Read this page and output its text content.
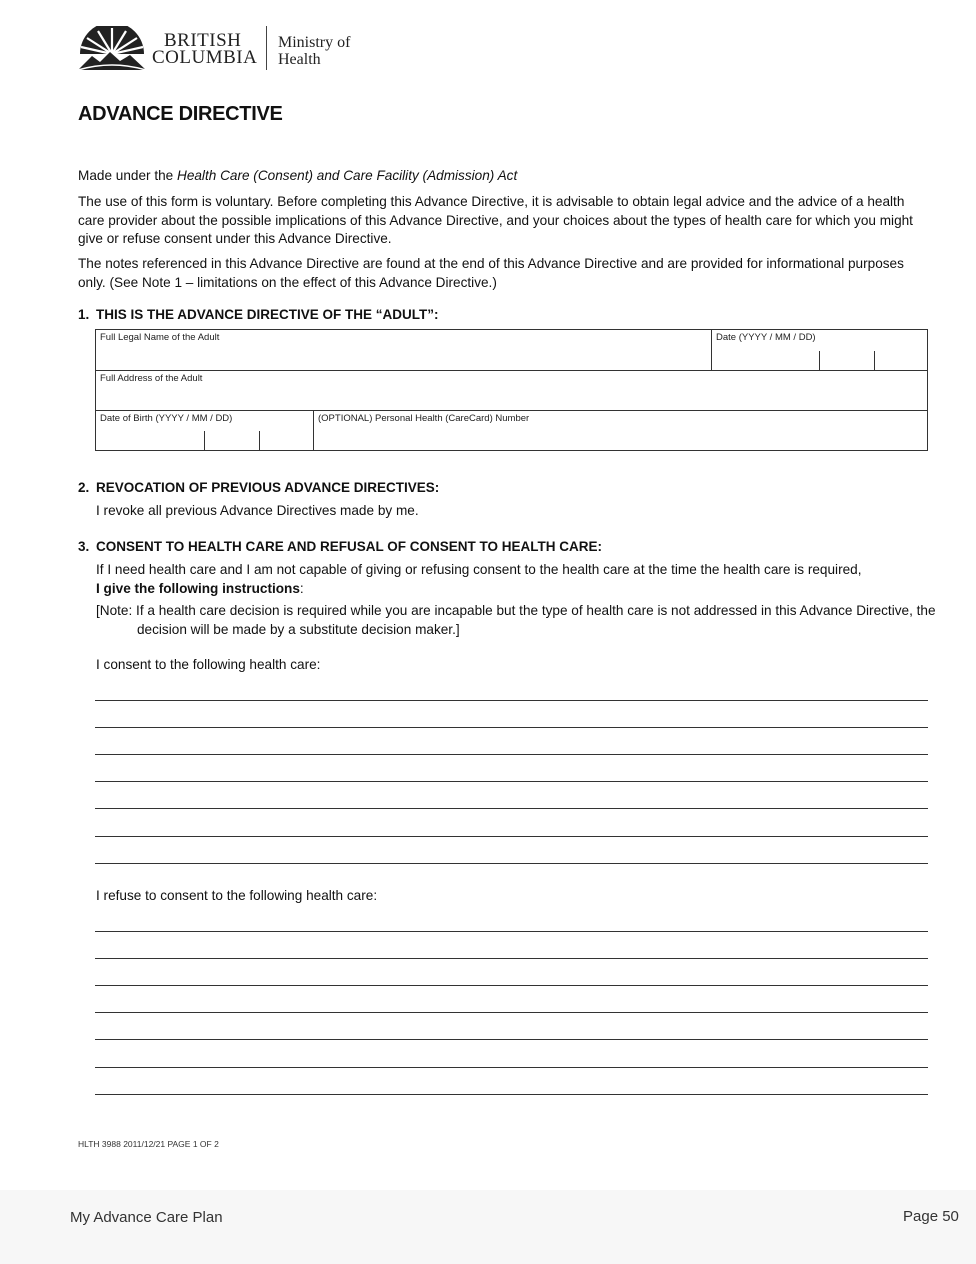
BRITISH
COLUMBIA
Ministry of
Health
ADVANCE DIRECTIVE
Made under the Health Care (Consent) and Care Facility (Admission) Act
The use of this form is voluntary. Before completing this Advance Directive, it is advisable to obtain legal advice and the advice of a health care provider about the possible implications of this Advance Directive, and your choices about the types of health care for which you might give or refuse consent under this Advance Directive.
The notes referenced in this Advance Directive are found at the end of this Advance Directive and are provided for informational purposes only. (See Note 1 – limitations on the effect of this Advance Directive.)
1. THIS IS THE ADVANCE DIRECTIVE OF THE “ADULT”:
Full Legal Name of the Adult	Date (YYYY / MM / DD)
Full Address of the Adult
Date of Birth (YYYY / MM / DD)	(OPTIONAL) Personal Health (CareCard) Number
2. REVOCATION OF PREVIOUS ADVANCE DIRECTIVES:
I revoke all previous Advance Directives made by me.
3. CONSENT TO HEALTH CARE AND REFUSAL OF CONSENT TO HEALTH CARE:
If I need health care and I am not capable of giving or refusing consent to the health care at the time the health care is required,
I give the following instructions:
[Note: If a health care decision is required while you are incapable but the type of health care is not addressed in this Advance Directive, the decision will be made by a substitute decision maker.]
I consent to the following health care:
I refuse to consent to the following health care:
HLTH 3988 2011/12/21 PAGE 1 OF 2
My Advance Care Plan	Page 50
